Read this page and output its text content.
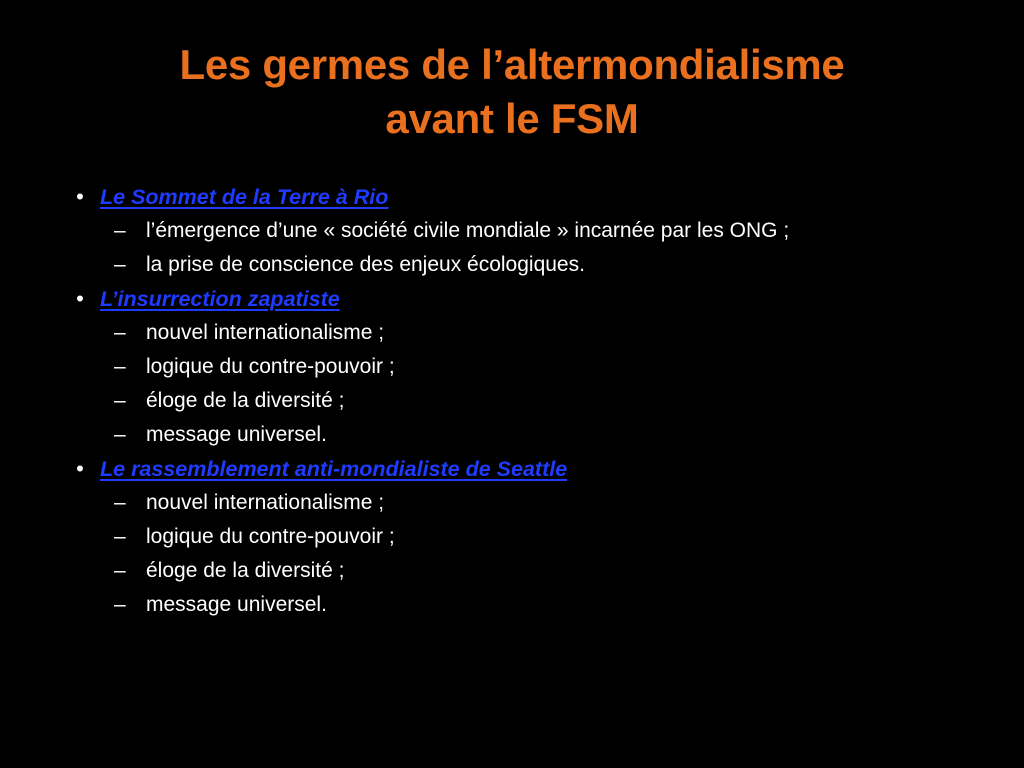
Les germes de l’altermondialisme
avant le FSM
• Le Sommet de la Terre à Rio
– l’émergence d’une « société civile mondiale » incarnée par les ONG ;
– la prise de conscience des enjeux écologiques.
• L’insurrection zapatiste
– nouvel internationalisme ;
– logique du contre-pouvoir ;
– éloge de la diversité ;
– message universel.
• Le rassemblement anti-mondialiste de Seattle
– nouvel internationalisme ;
– logique du contre-pouvoir ;
– éloge de la diversité ;
– message universel.
